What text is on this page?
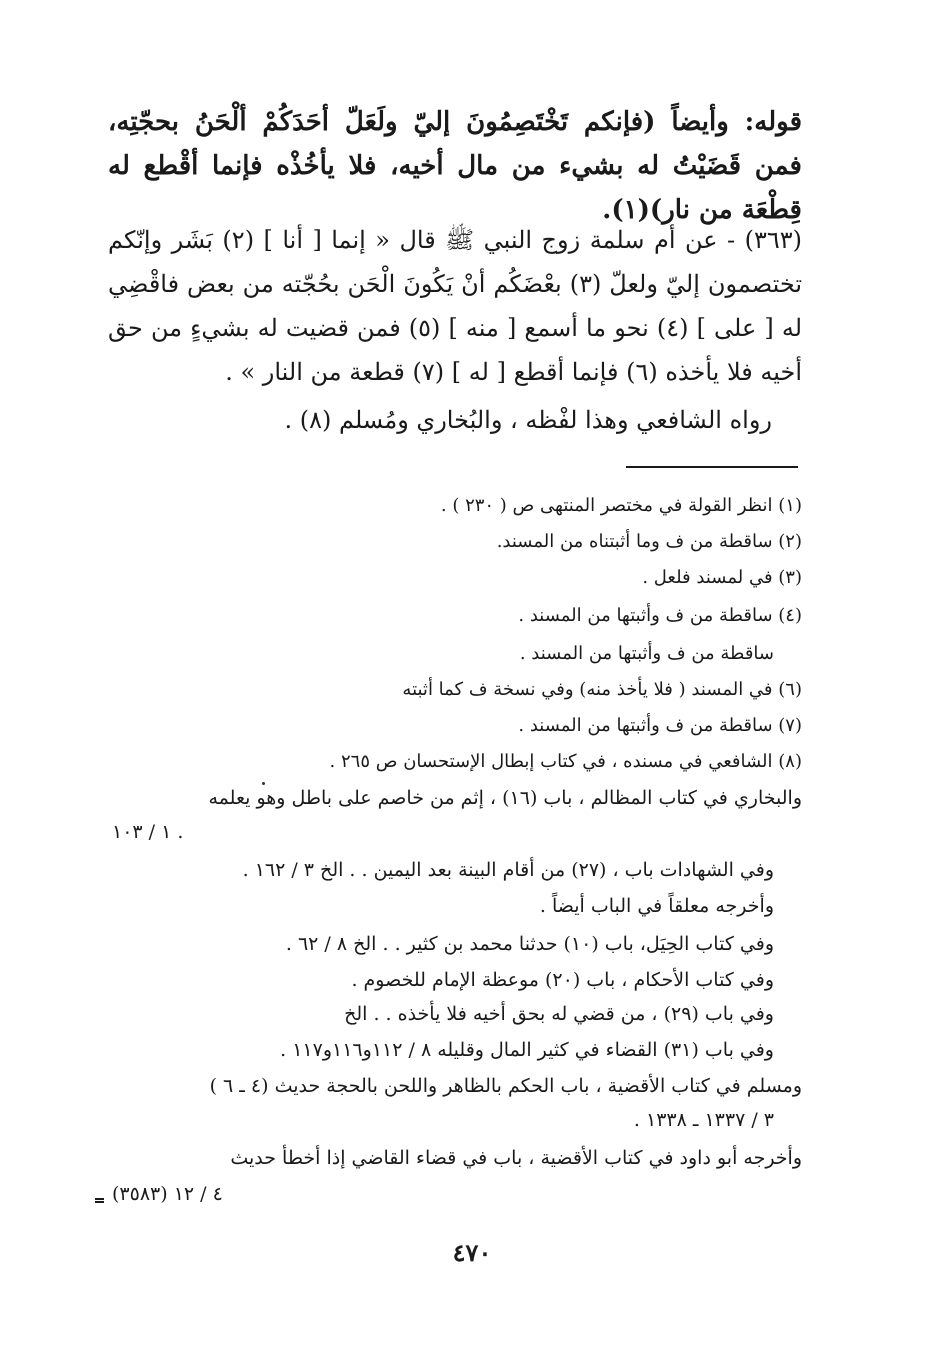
قوله: وأيضاً (فإنكم تَخْتَصِمُونَ إليّ ولَعَلّ أحَدَكُمْ ألْحَنُ بحجّتِه، فمن قَضَيْتُ له بشيء من مال أخيه، فلا يأخُذْه فإنما أقْطع له قِطْعَة من نار)(١).
(٣٦٣) - عن أم سلمة زوج النبي ﷺ قال « إنما [ أنا ] (٢) بَشَر وإنّكم تختصمون إليّ ولعلّ (٣) بعْضَكُم أنْ يَكُونَ الْحَن بحُجّته من بعض فاقْضِي له [ على ] (٤) نحو ما أسمع [ منه ] (٥) فمن قضيت له بشيءٍ من حق أخيه فلا يأخذه (٦) فإنما أقطع [ له ] (٧) قطعة من النار » .
رواه الشافعي وهذا لفْظه ، والبُخاري ومُسلم (٨) .
(١) انظر القولة في مختصر المنتهى ص ( ٢٣٠ ) .
(٢) ساقطة من ف وما أثبتناه من المسند.
(٣) في لمسند فلعل .
(٤) ساقطة من ف وأثبتها من المسند .
ساقطة من ف وأثبتها من المسند .
(٦) في المسند ( فلا يأخذ منه) وفي نسخة ف كما أثبته
(٧) ساقطة من ف وأثبتها من المسند .
(٨) الشافعي في مسنده ، في كتاب إبطال الإستحسان ص ٢٦٥ .
والبخاري في كتاب المظالم ، باب (١٦) ، إثم من خاصم على باطل وهو يعلمه
١ / ١٠٣ .
وفي الشهادات باب ، (٢٧) من أقام البينة بعد اليمين . . الخ ٣ / ١٦٢ .
وأخرجه معلقاً في الباب أيضاً .
وفي كتاب الحِيَل، باب (١٠) حدثنا محمد بن كثير . . الخ ٨ / ٦٢ .
وفي كتاب الأحكام ، باب (٢٠) موعظة الإمام للخصوم .
وفي باب (٢٩) ، من قضي له بحق أخيه فلا يأخذه . . الخ
وفي باب (٣١) القضاء في كثير المال وقليله ٨ / ١١٢و١١٦و١١٧ .
ومسلم في كتاب الأقضية ، باب الحكم بالظاهر واللحن بالحجة حديث (٤ ـ ٦ )
٣ / ١٣٣٧ ـ ١٣٣٨ .
وأخرجه أبو داود في كتاب الأقضية ، باب في قضاء القاضي إذا أخطأ حديث
(٣٥٨٣) ٤ / ١٢
٤٧٠
